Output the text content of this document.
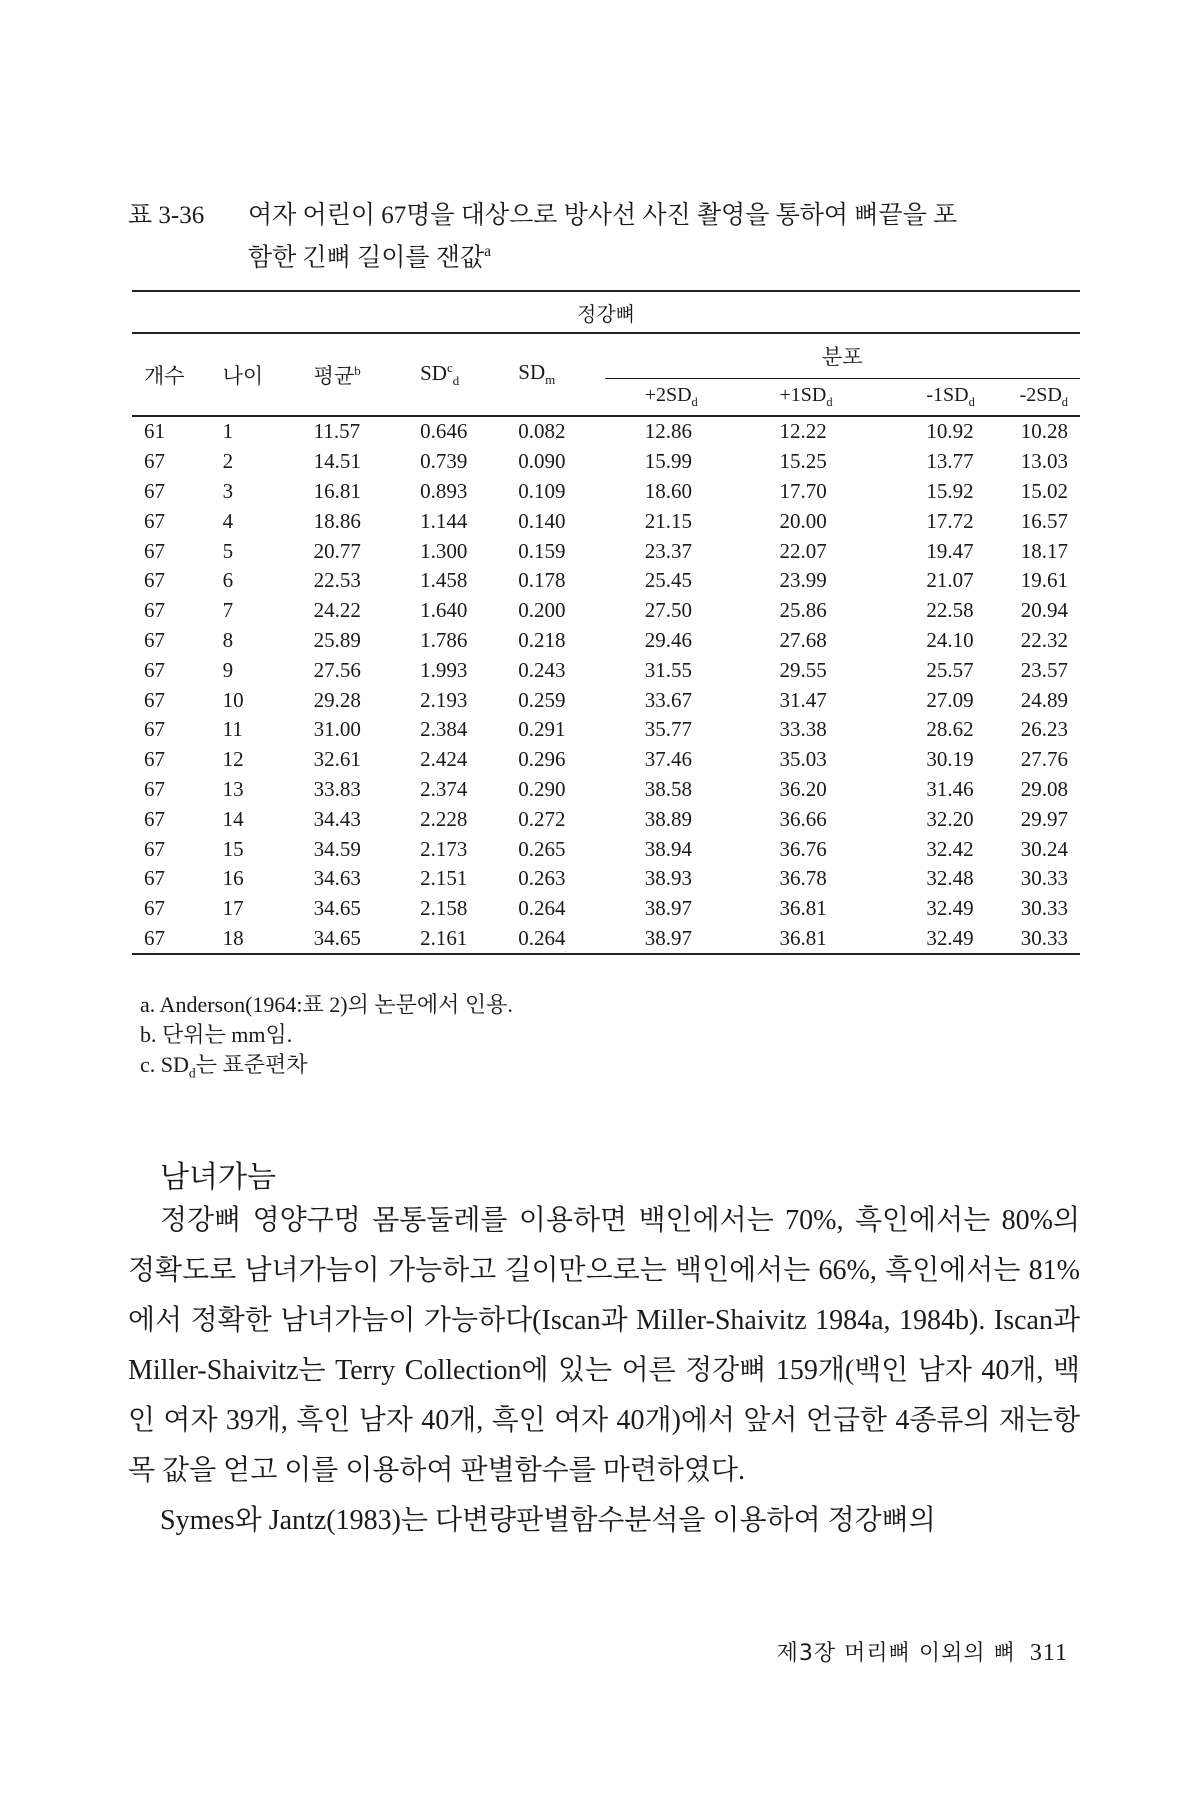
표 3-36 여자 어린이 67명을 대상으로 방사선 사진 촬영을 통하여 뼈끝을 포
함한 긴뼈 길이를 잰값$^a$
정강뼈								
개수	나이	평균$^b$	$SD^c_d$	$SD_m$	분포			
					$+2SD_d$	$+1SD_d$	$-1SD_d$	$-2SD_d$
61	1	11.57	0.646	0.082	12.86	12.22	10.92	10.28
67	2	14.51	0.739	0.090	15.99	15.25	13.77	13.03
67	3	16.81	0.893	0.109	18.60	17.70	15.92	15.02
67	4	18.86	1.144	0.140	21.15	20.00	17.72	16.57
67	5	20.77	1.300	0.159	23.37	22.07	19.47	18.17
67	6	22.53	1.458	0.178	25.45	23.99	21.07	19.61
67	7	24.22	1.640	0.200	27.50	25.86	22.58	20.94
67	8	25.89	1.786	0.218	29.46	27.68	24.10	22.32
67	9	27.56	1.993	0.243	31.55	29.55	25.57	23.57
67	10	29.28	2.193	0.259	33.67	31.47	27.09	24.89
67	11	31.00	2.384	0.291	35.77	33.38	28.62	26.23
67	12	32.61	2.424	0.296	37.46	35.03	30.19	27.76
67	13	33.83	2.374	0.290	38.58	36.20	31.46	29.08
67	14	34.43	2.228	0.272	38.89	36.66	32.20	29.97
67	15	34.59	2.173	0.265	38.94	36.76	32.42	30.24
67	16	34.63	2.151	0.263	38.93	36.78	32.48	30.33
67	17	34.65	2.158	0.264	38.97	36.81	32.49	30.33
67	18	34.65	2.161	0.264	38.97	36.81	32.49	30.33
a. Anderson(1964:표 2)의 논문에서 인용.
b. 단위는 mm임.
c. $SD_d$는 표준편차
남녀가늠

정강뼈 영양구멍 몸통둘레를 이용하면 백인에서는 70%, 흑인에서는 80%의 정확도로 남녀가늠이 가능하고 길이만으로는 백인에서는 66%, 흑인에서는 81%에서 정확한 남녀가늠이 가능하다(Iscan과 Miller-Shaivitz 1984a, 1984b). Iscan과 Miller-Shaivitz는 Terry Collection에 있는 어른 정강뼈 159개(백인 남자 40개, 백인 여자 39개, 흑인 남자 40개, 흑인 여자 40개)에서 앞서 언급한 4종류의 재는항목 값을 얻고 이를 이용하여 판별함수를 마련하였다.

Symes와 Jantz(1983)는 다변량판별함수분석을 이용하여 정강뼈의

제3장 머리뼈 이외의 뼈 311
